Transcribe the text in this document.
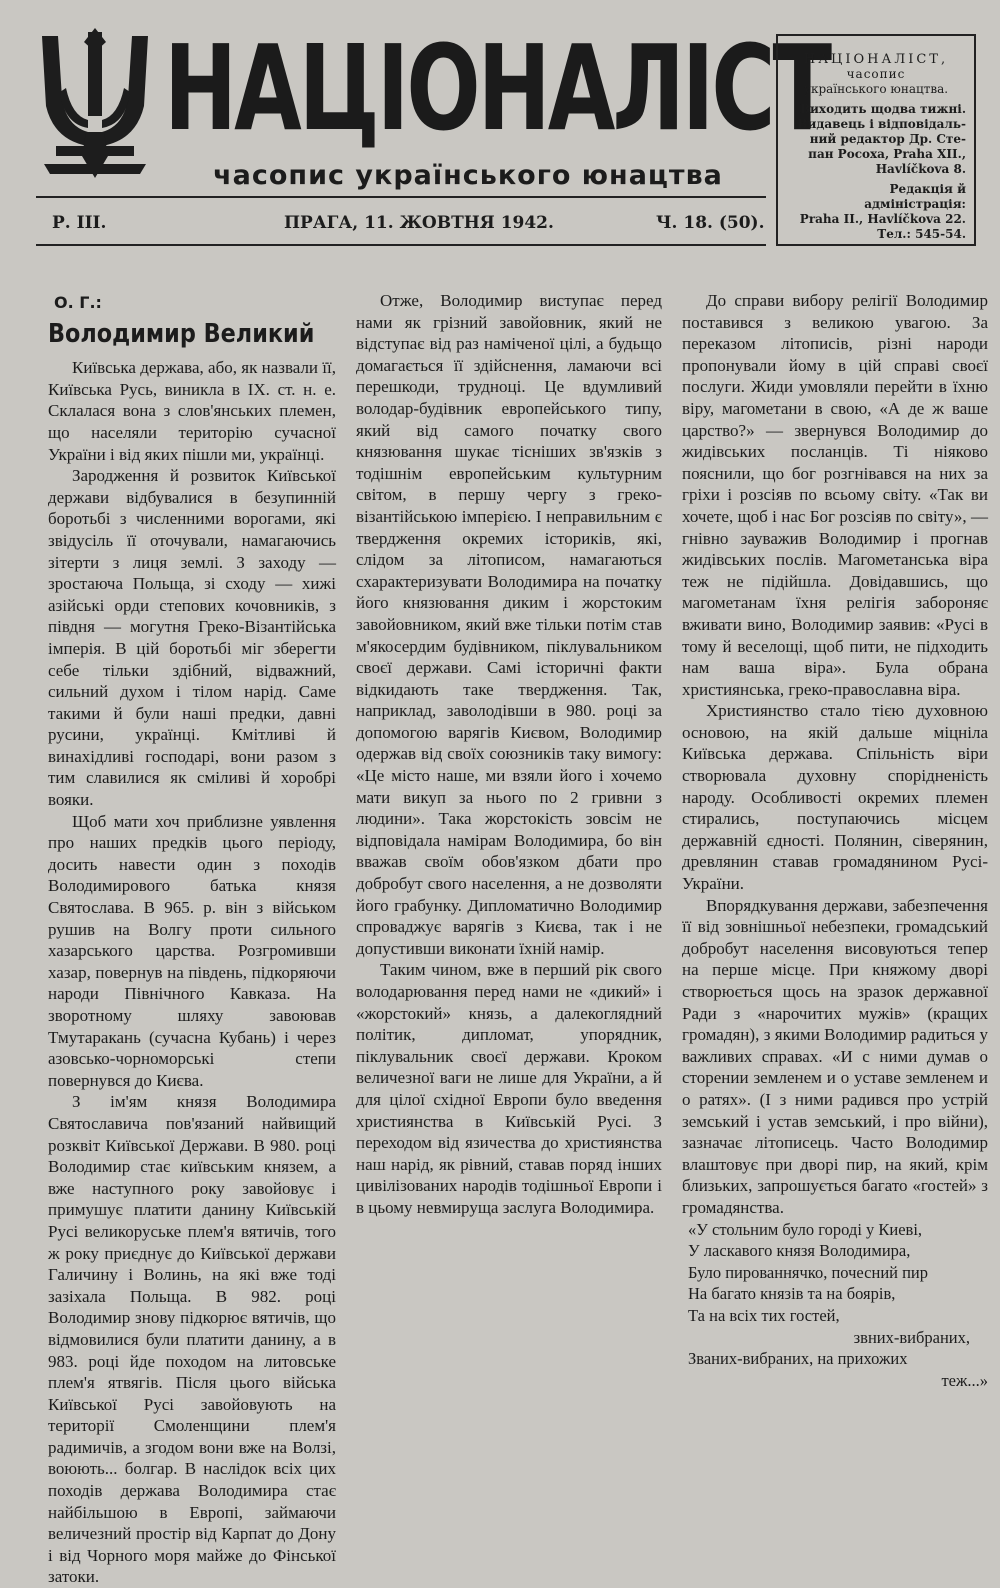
НАЦІОНАЛІСТ
часопис українського юнацтва
Р. III.	ПРАГА, 11. ЖОВТНЯ 1942.	Ч. 18. (50).
НАЦІОНАЛІСТ,
часопис
українського юнацтва.
Виходить щодва тижні.
Видавець і відповідаль-
ний редактор Др. Сте-
пан Росоха, Praha XII.,
Havlíčkova 8.
Редакція й адміністрація:
Praha II., Havlíčkova 22.
Тел.: 545-54.
О. Г.:
Володимир Великий

Київська держава, або, як назвали її, Київська Русь, виникла в IX. ст. н. е. Склалася вона з слов'янських племен, що населяли територію сучасної України і від яких пішли ми, українці.

Зародження й розвиток Київської держави відбувалися в безупинній боротьбі з численними ворогами, які звідусіль її оточували, намагаючись зітерти з лиця землі. З заходу — зростаюча Польща, зі сходу — хижі азійські орди степових кочовників, з півдня — могутня Греко-Візантійська імперія. В цій боротьбі міг зберегти себе тільки здібний, відважний, сильний духом і тілом нарід. Саме такими й були наші предки, давні русини, українці. Кмітливі й винахідливі господарі, вони разом з тим славилися як сміливі й хоробрі вояки.

Щоб мати хоч приблизне уявлення про наших предків цього періоду, досить навести один з походів Володимирового батька князя Святослава. В 965. р. він з військом рушив на Волгу проти сильного хазарського царства. Розгромивши хазар, повернув на південь, підкоряючи народи Північного Кавказа. На зворотному шляху завоював Тмутаракань (сучасна Кубань) і через азовсько-чорноморські степи повернувся до Києва.

З ім'ям князя Володимира Святославича пов'язаний найвищий розквіт Київської Держави. В 980. році Володимир стає київським князем, а вже наступного року завойовує і примушує платити данину Київській Русі великоруське плем'я вятичів, того ж року приєднує до Київської держави Галичину і Волинь, на які вже тоді зазіхала Польща. В 982. році Володимир знову підкорює вятичів, що відмовилися були платити данину, а в 983. році йде походом на литовське плем'я ятвягів. Після цього військa Київської Русі завойовують на території Смоленщини плем'я радимичів, а згодом вони вже на Волзі, воюють... болгар. В наслідок всіх цих походів держава Володимира стає найбільшою в Европі, займаючи величезний простір від Карпат до Дону і від Чорного моря майже до Фінської затоки.

Отже, Володимир виступає перед нами як грізний завойовник, який не відступає від раз наміченої цілі, а будьщо домагається її здійснення, ламаючи всі перешкоди, трудноці. Це вдумливий володар-будівник европейського типу, який від самого початку свого князювання шукає тісніших зв'язків з тодішнім европейським культурним світом, в першу чергу з греко-візантійською імперією. І неправильним є твердження окремих істориків, які, слідом за літописом, намагаються схарактеризувати Володимира на початку його князювання диким і жорстоким завойовником, який вже тільки потім став м'якосердим будівником, піклувальником своєї держави. Самі історичні факти відкидають таке твердження. Так, наприклад, заволодівши в 980. році за допомогою варягів Києвом, Володимир одержав від своїх союзників таку вимогу: «Це місто наше, ми взяли його і хочемо мати викуп за нього по 2 гривни з людини». Така жорстокість зовсім не відповідала намірам Володимира, бо він вважав своїм обов'язком дбати про добробут свого населення, а не дозволяти його грабунку. Дипломатично Володимир спроваджує варягів з Києва, так і не допустивши виконати їхній намір.

Таким чином, вже в перший рік свого володарювання перед нами не «дикий» і «жорстокий» князь, а далекоглядний політик, дипломат, упорядник, піклувальник своєї держави. Кроком величезної ваги не лише для України, а й для цілої східної Европи було введення християнства в Київській Русі. З переходом від язичества до християнства наш нарід, як рівний, ставав поряд інших цивілізованих народів тодішньої Европи і в цьому невмируща заслуга Володимира.

До справи вибору релігії Володимир поставився з великою увагою. За переказом літописів, різні народи пропонували йому в цій справі своєї послуги. Жиди умовляли перейти в їхню віру, магометани в свою, «А де ж ваше царство?» — звернувся Володимир до жидівських посланців. Ті ніяково пояснили, що бог розгнівався на них за гріхи і розсіяв по всьому світу. «Так ви хочете, щоб і нас Бог розсіяв по світу», — гнівно зауважив Володимир і прогнав жидівських послів. Магометанська віра теж не підійшла. Довідавшись, що магометанам їхня релігія забороняє вживати вино, Володимир заявив: «Русі в тому й веселощі, щоб пити, не підходить нам ваша віра». Була обрана християнська, греко-православна віра.

Християнство стало тією духовною основою, на якій дальше міцніла Київська держава. Спільність віри створювала духовну споріднeність народу. Особливості окремих племен стирались, поступаючись місцем державній єдності. Полянин, сіверянин, древлянин ставав громадянином Русі-України.

Впорядкування держави, забезпечення її від зовнішньої небезпеки, громадський добробут населення висовуються тепер на перше місце. При княжому дворі створюється щось на зразок державної Ради з «нарочитих мужів» (кращих громадян), з якими Володимир радиться у важливих справах. «И с ними думав о сторении земленем и о уставе земленем и о ратях». (І з ними радився про устрій земський і устав земський, і про війни), зазначає літописець. Часто Володимир влаштовує при дворі пир, на який, крім близьких, запрошується багато «гостей» з громадянства.

«У стольним було городі у Киеві,
У ласкавого князя Володимира,
Було пированнячко, почесний пир
На багато князів та на боярів,
Та на всіх тих гостей,
звних-вибраних,
Званих-вибраних, на прихожих
теж...»
